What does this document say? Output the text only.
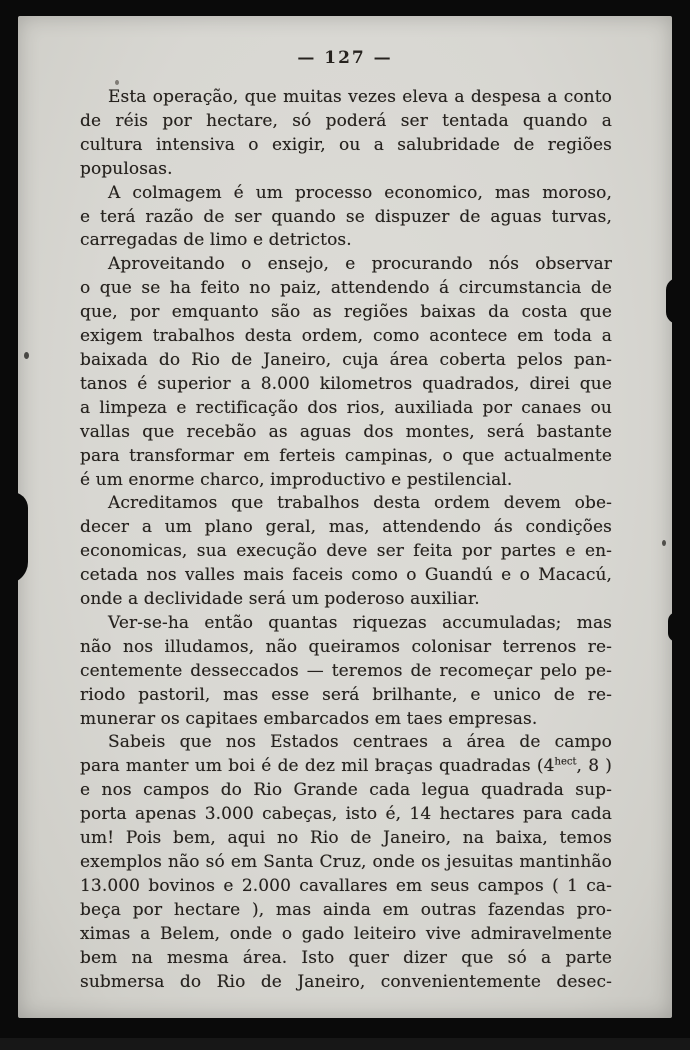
— 127 —
Esta operação, que muitas vezes eleva a despesa a conto
de réis por hectare, só poderá ser tentada quando a
cultura intensiva o exigir, ou a salubridade de regiões
populosas.
A colmagem é um processo economico, mas moroso,
e terá razão de ser quando se dispuzer de aguas turvas,
carregadas de limo e detrictos.
Aproveitando o ensejo, e procurando nós observar
o que se ha feito no paiz, attendendo á circumstancia de
que, por emquanto são as regiões baixas da costa que
exigem trabalhos desta ordem, como acontece em toda a
baixada do Rio de Janeiro, cuja área coberta pelos pan-
tanos é superior a 8.000 kilometros quadrados, direi que
a limpeza e rectificação dos rios, auxiliada por canaes ou
vallas que recebão as aguas dos montes, será bastante
para transformar em ferteis campinas, o que actualmente
é um enorme charco, improductivo e pestilencial.
Acreditamos que trabalhos desta ordem devem obe-
decer a um plano geral, mas, attendendo ás condições
economicas, sua execução deve ser feita por partes e en-
cetada nos valles mais faceis como o Guandú e o Macacú,
onde a declividade será um poderoso auxiliar.
Ver-se-ha então quantas riquezas accumuladas; mas
não nos illudamos, não queiramos colonisar terrenos re-
centemente desseccados — teremos de recomeçar pelo pe-
riodo pastoril, mas esse será brilhante, e unico de re-
munerar os capitaes embarcados em taes empresas.
Sabeis que nos Estados centraes a área de campo
para manter um boi é de dez mil braças quadradas ($4^{hect}$, 8 )
e nos campos do Rio Grande cada legua quadrada sup-
porta apenas 3.000 cabeças, isto é, 14 hectares para cada
um! Pois bem, aqui no Rio de Janeiro, na baixa, temos
exemplos não só em Santa Cruz, onde os jesuitas mantinhão
13.000 bovinos e 2.000 cavallares em seus campos ( 1 ca-
beça por hectare ), mas ainda em outras fazendas pro-
ximas a Belem, onde o gado leiteiro vive admiravelmente
bem na mesma área. Isto quer dizer que só a parte
submersa do Rio de Janeiro, convenientemente desec-
